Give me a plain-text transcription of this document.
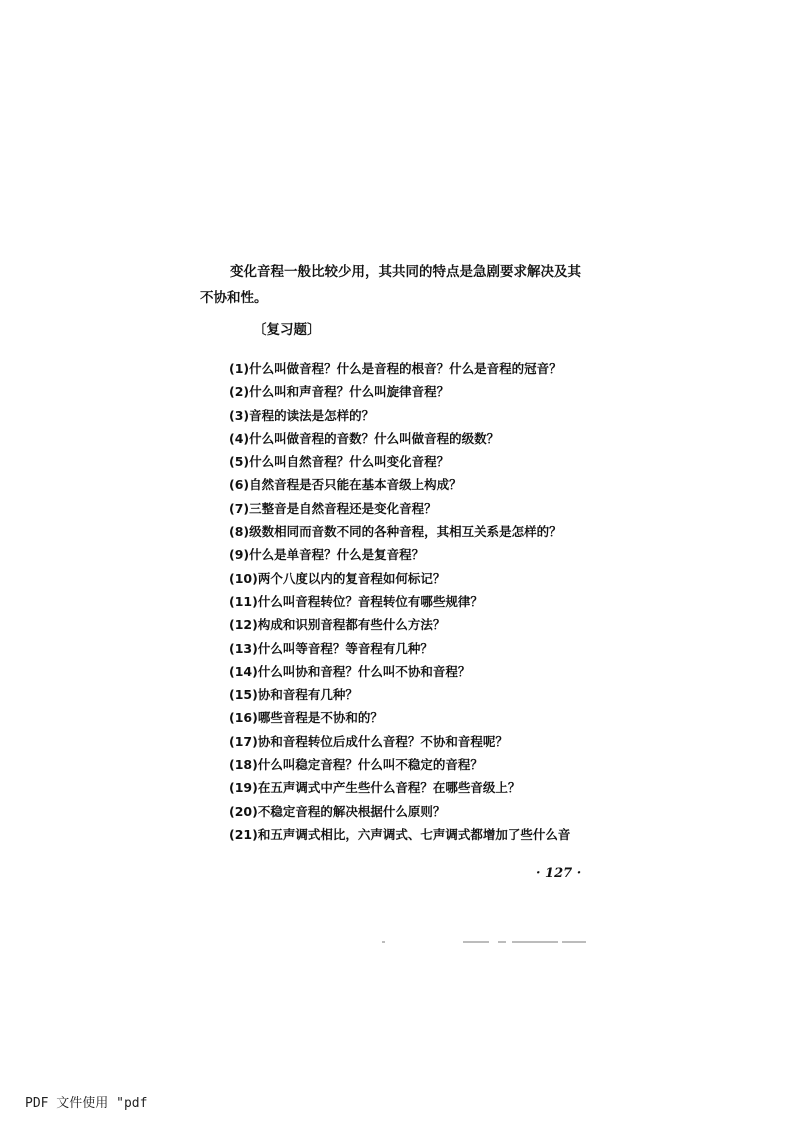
变化音程一般比较少用，其共同的特点是急剧要求解决及其
不协和性。

〔复习题〕

(1)什么叫做音程？什么是音程的根音？什么是音程的冠音？
(2)什么叫和声音程？什么叫旋律音程？
(3)音程的读法是怎样的？
(4)什么叫做音程的音数？什么叫做音程的级数？
(5)什么叫自然音程？什么叫变化音程？
(6)自然音程是否只能在基本音级上构成？
(7)三整音是自然音程还是变化音程？
(8)级数相同而音数不同的各种音程，其相互关系是怎样的？
(9)什么是单音程？什么是复音程？
(10)两个八度以内的复音程如何标记？
(11)什么叫音程转位？音程转位有哪些规律？
(12)构成和识别音程都有些什么方法？
(13)什么叫等音程？等音程有几种？
(14)什么叫协和音程？什么叫不协和音程？
(15)协和音程有几种？
(16)哪些音程是不协和的？
(17)协和音程转位后成什么音程？不协和音程呢？
(18)什么叫稳定音程？什么叫不稳定的音程？
(19)在五声调式中产生些什么音程？在哪些音级上？
(20)不稳定音程的解决根据什么原则？
(21)和五声调式相比，六声调式、七声调式都增加了些什么音
· 127 ·
PDF 文件使用 "pdf
